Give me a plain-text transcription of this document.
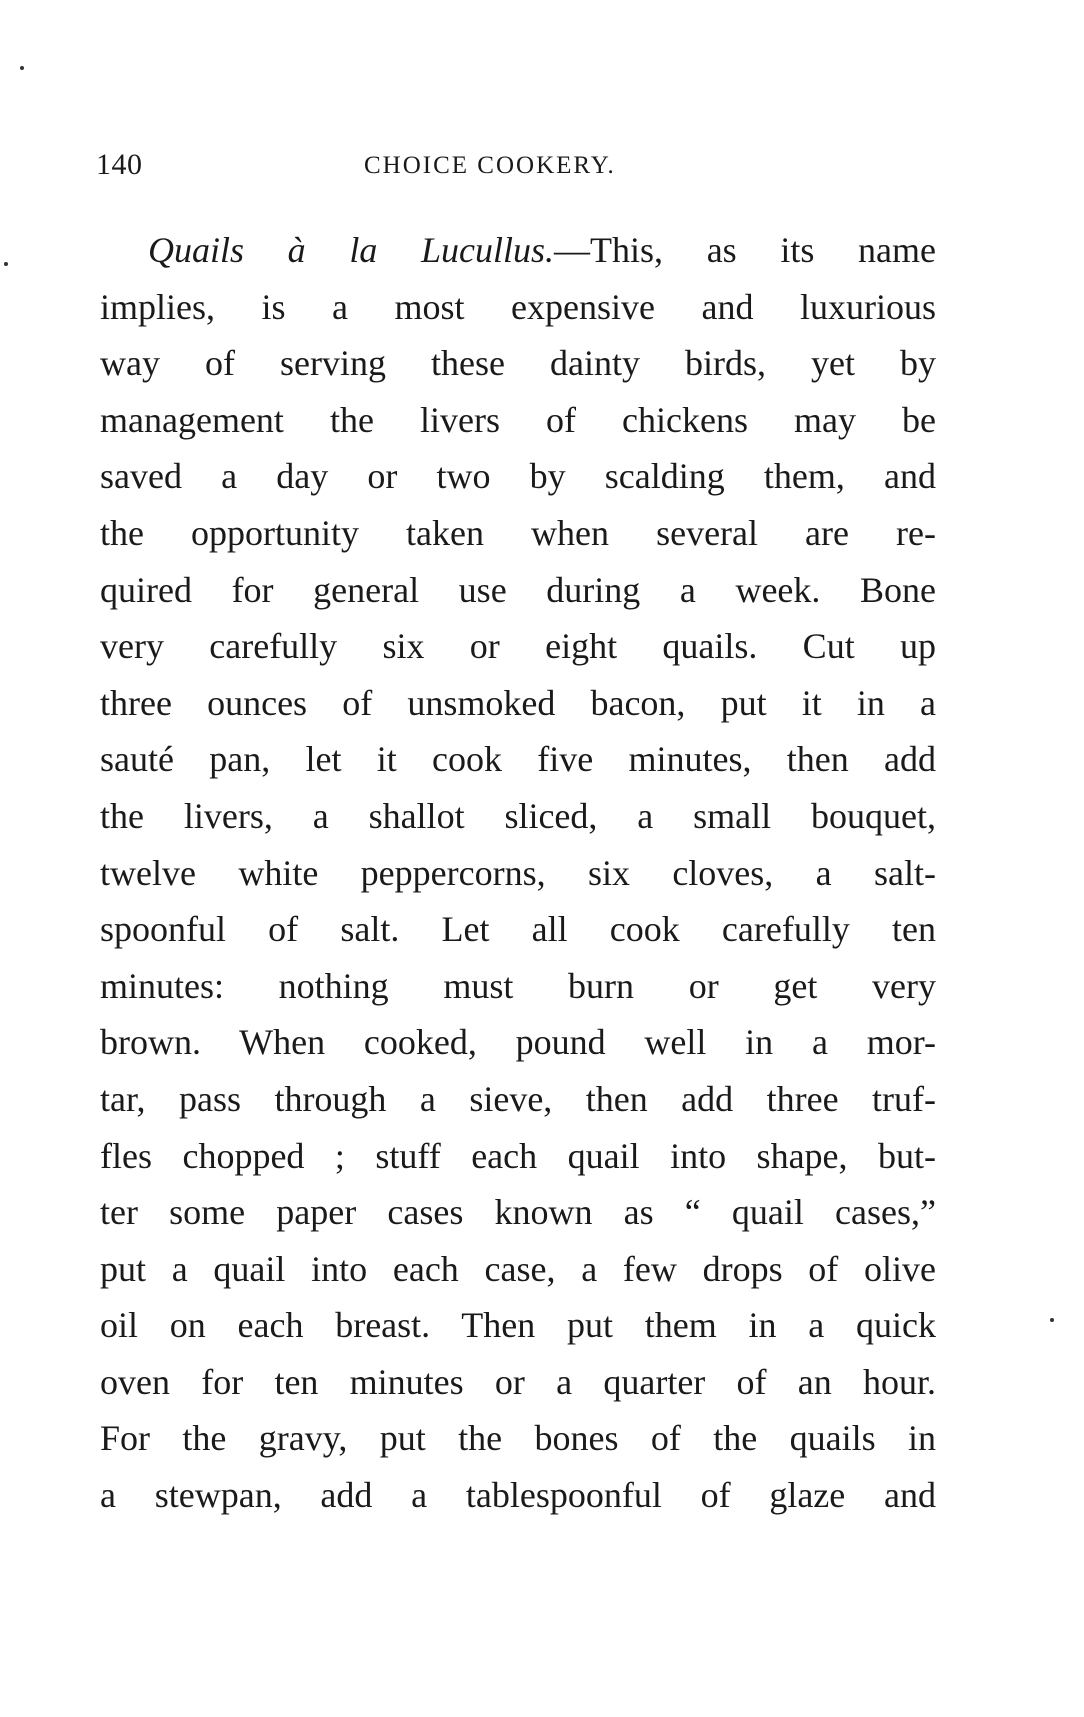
140	CHOICE COOKERY.
Quails à la Lucullus.—This, as its name
implies, is a most expensive and luxurious
way of serving these dainty birds, yet by
management the livers of chickens may be
saved a day or two by scalding them, and
the opportunity taken when several are re-
quired for general use during a week. Bone
very carefully six or eight quails. Cut up
three ounces of unsmoked bacon, put it in a
sauté pan, let it cook five minutes, then add
the livers, a shallot sliced, a small bouquet,
twelve white peppercorns, six cloves, a salt-
spoonful of salt. Let all cook carefully ten
minutes: nothing must burn or get very
brown. When cooked, pound well in a mor-
tar, pass through a sieve, then add three truf-
fles chopped ; stuff each quail into shape, but-
ter some paper cases known as “ quail cases,”
put a quail into each case, a few drops of olive
oil on each breast. Then put them in a quick
oven for ten minutes or a quarter of an hour.
For the gravy, put the bones of the quails in
a stewpan, add a tablespoonful of glaze and
